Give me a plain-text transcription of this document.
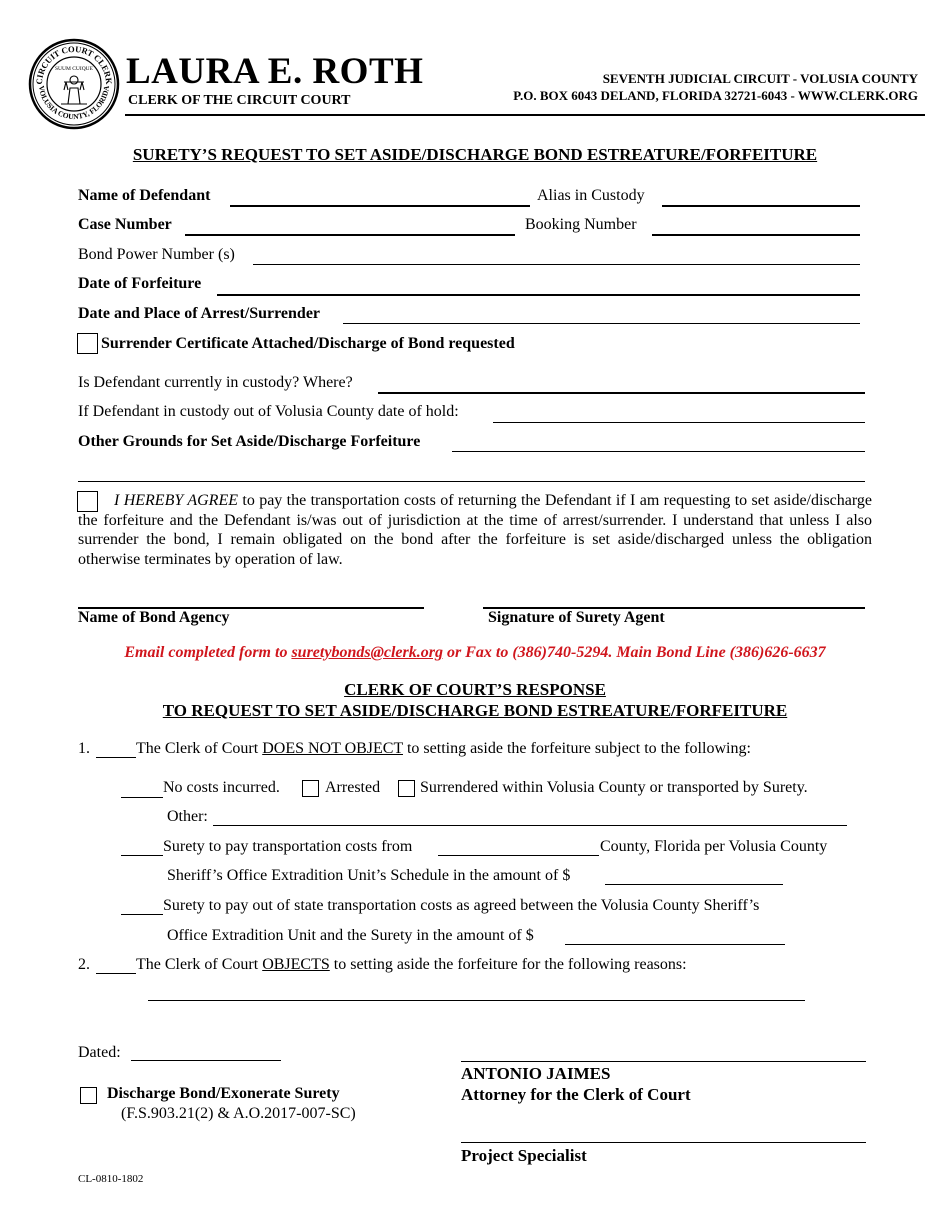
CIRCUIT COURT CLERK
VOLUSIA COUNTY, FLORIDA
SUUM CUIQUE LAURA E. ROTH
CLERK OF THE CIRCUIT COURT
SEVENTH JUDICIAL CIRCUIT - VOLUSIA COUNTY
P.O. BOX 6043 DELAND, FLORIDA 32721-6043 - WWW.CLERK.ORG
SURETY’S REQUEST TO SET ASIDE/DISCHARGE BOND ESTREATURE/FORFEITURE
Name of Defendant	Alias in Custody
Case Number	Booking Number
Bond Power Number (s)
Date of Forfeiture
Date and Place of Arrest/Surrender
Surrender Certificate Attached/Discharge of Bond requested
Is Defendant currently in custody? Where?
If Defendant in custody out of Volusia County date of hold:
Other Grounds for Set Aside/Discharge Forfeiture
I HEREBY AGREE to pay the transportation costs of returning the Defendant if I am requesting to set aside/discharge the forfeiture and the Defendant is/was out of jurisdiction at the time of arrest/surrender. I understand that unless I also surrender the bond, I remain obligated on the bond after the forfeiture is set aside/discharged unless the obligation otherwise terminates by operation of law.
Name of Bond Agency	Signature of Surety Agent
Email completed form to suretybonds@clerk.org or Fax to (386)740-5294. Main Bond Line (386)626-6637
CLERK OF COURT’S RESPONSE
TO REQUEST TO SET ASIDE/DISCHARGE BOND ESTREATURE/FORFEITURE
1.	The Clerk of Court DOES NOT OBJECT to setting aside the forfeiture subject to the following:
No costs incurred.	Arrested Surrendered within Volusia County or transported by Surety.
Other:
Surety to pay transportation costs from	County, Florida per Volusia County
Sheriff’s Office Extradition Unit’s Schedule in the amount of $
Surety to pay out of state transportation costs as agreed between the Volusia County Sheriff’s
Office Extradition Unit and the Surety in the amount of $
2.	The Clerk of Court OBJECTS to setting aside the forfeiture for the following reasons:
Dated:
Discharge Bond/Exonerate Surety
(F.S.903.21(2) & A.O.2017-007-SC)
ANTONIO JAIMES
Attorney for the Clerk of Court
Project Specialist
CL-0810-1802
